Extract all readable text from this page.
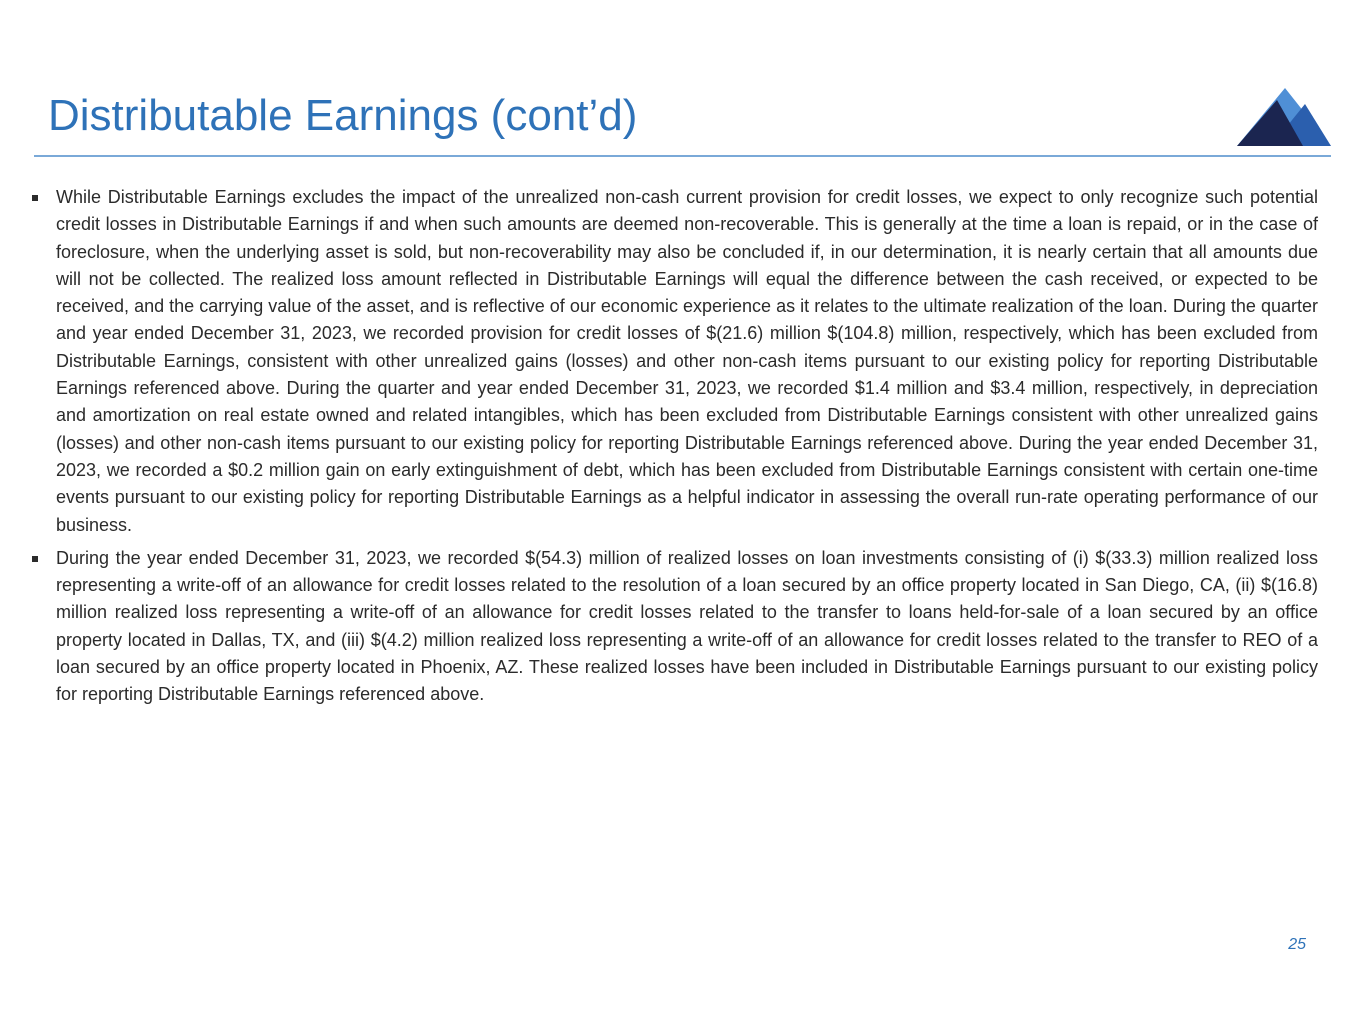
Distributable Earnings (cont’d)
While Distributable Earnings excludes the impact of the unrealized non-cash current provision for credit losses, we expect to only recognize such potential credit losses in Distributable Earnings if and when such amounts are deemed non-recoverable. This is generally at the time a loan is repaid, or in the case of foreclosure, when the underlying asset is sold, but non-recoverability may also be concluded if, in our determination, it is nearly certain that all amounts due will not be collected. The realized loss amount reflected in Distributable Earnings will equal the difference between the cash received, or expected to be received, and the carrying value of the asset, and is reflective of our economic experience as it relates to the ultimate realization of the loan. During the quarter and year ended December 31, 2023, we recorded provision for credit losses of $(21.6) million $(104.8) million, respectively, which has been excluded from Distributable Earnings, consistent with other unrealized gains (losses) and other non-cash items pursuant to our existing policy for reporting Distributable Earnings referenced above. During the quarter and year ended December 31, 2023, we recorded $1.4 million and $3.4 million, respectively, in depreciation and amortization on real estate owned and related intangibles, which has been excluded from Distributable Earnings consistent with other unrealized gains (losses) and other non-cash items pursuant to our existing policy for reporting Distributable Earnings referenced above. During the year ended December 31, 2023, we recorded a $0.2 million gain on early extinguishment of debt, which has been excluded from Distributable Earnings consistent with certain one-time events pursuant to our existing policy for reporting Distributable Earnings as a helpful indicator in assessing the overall run-rate operating performance of our business.
During the year ended December 31, 2023, we recorded $(54.3) million of realized losses on loan investments consisting of (i) $(33.3) million realized loss representing a write-off of an allowance for credit losses related to the resolution of a loan secured by an office property located in San Diego, CA, (ii) $(16.8) million realized loss representing a write-off of an allowance for credit losses related to the transfer to loans held-for-sale of a loan secured by an office property located in Dallas, TX, and (iii) $(4.2) million realized loss representing a write-off of an allowance for credit losses related to the transfer to REO of a loan secured by an office property located in Phoenix, AZ. These realized losses have been included in Distributable Earnings pursuant to our existing policy for reporting Distributable Earnings referenced above.
25
